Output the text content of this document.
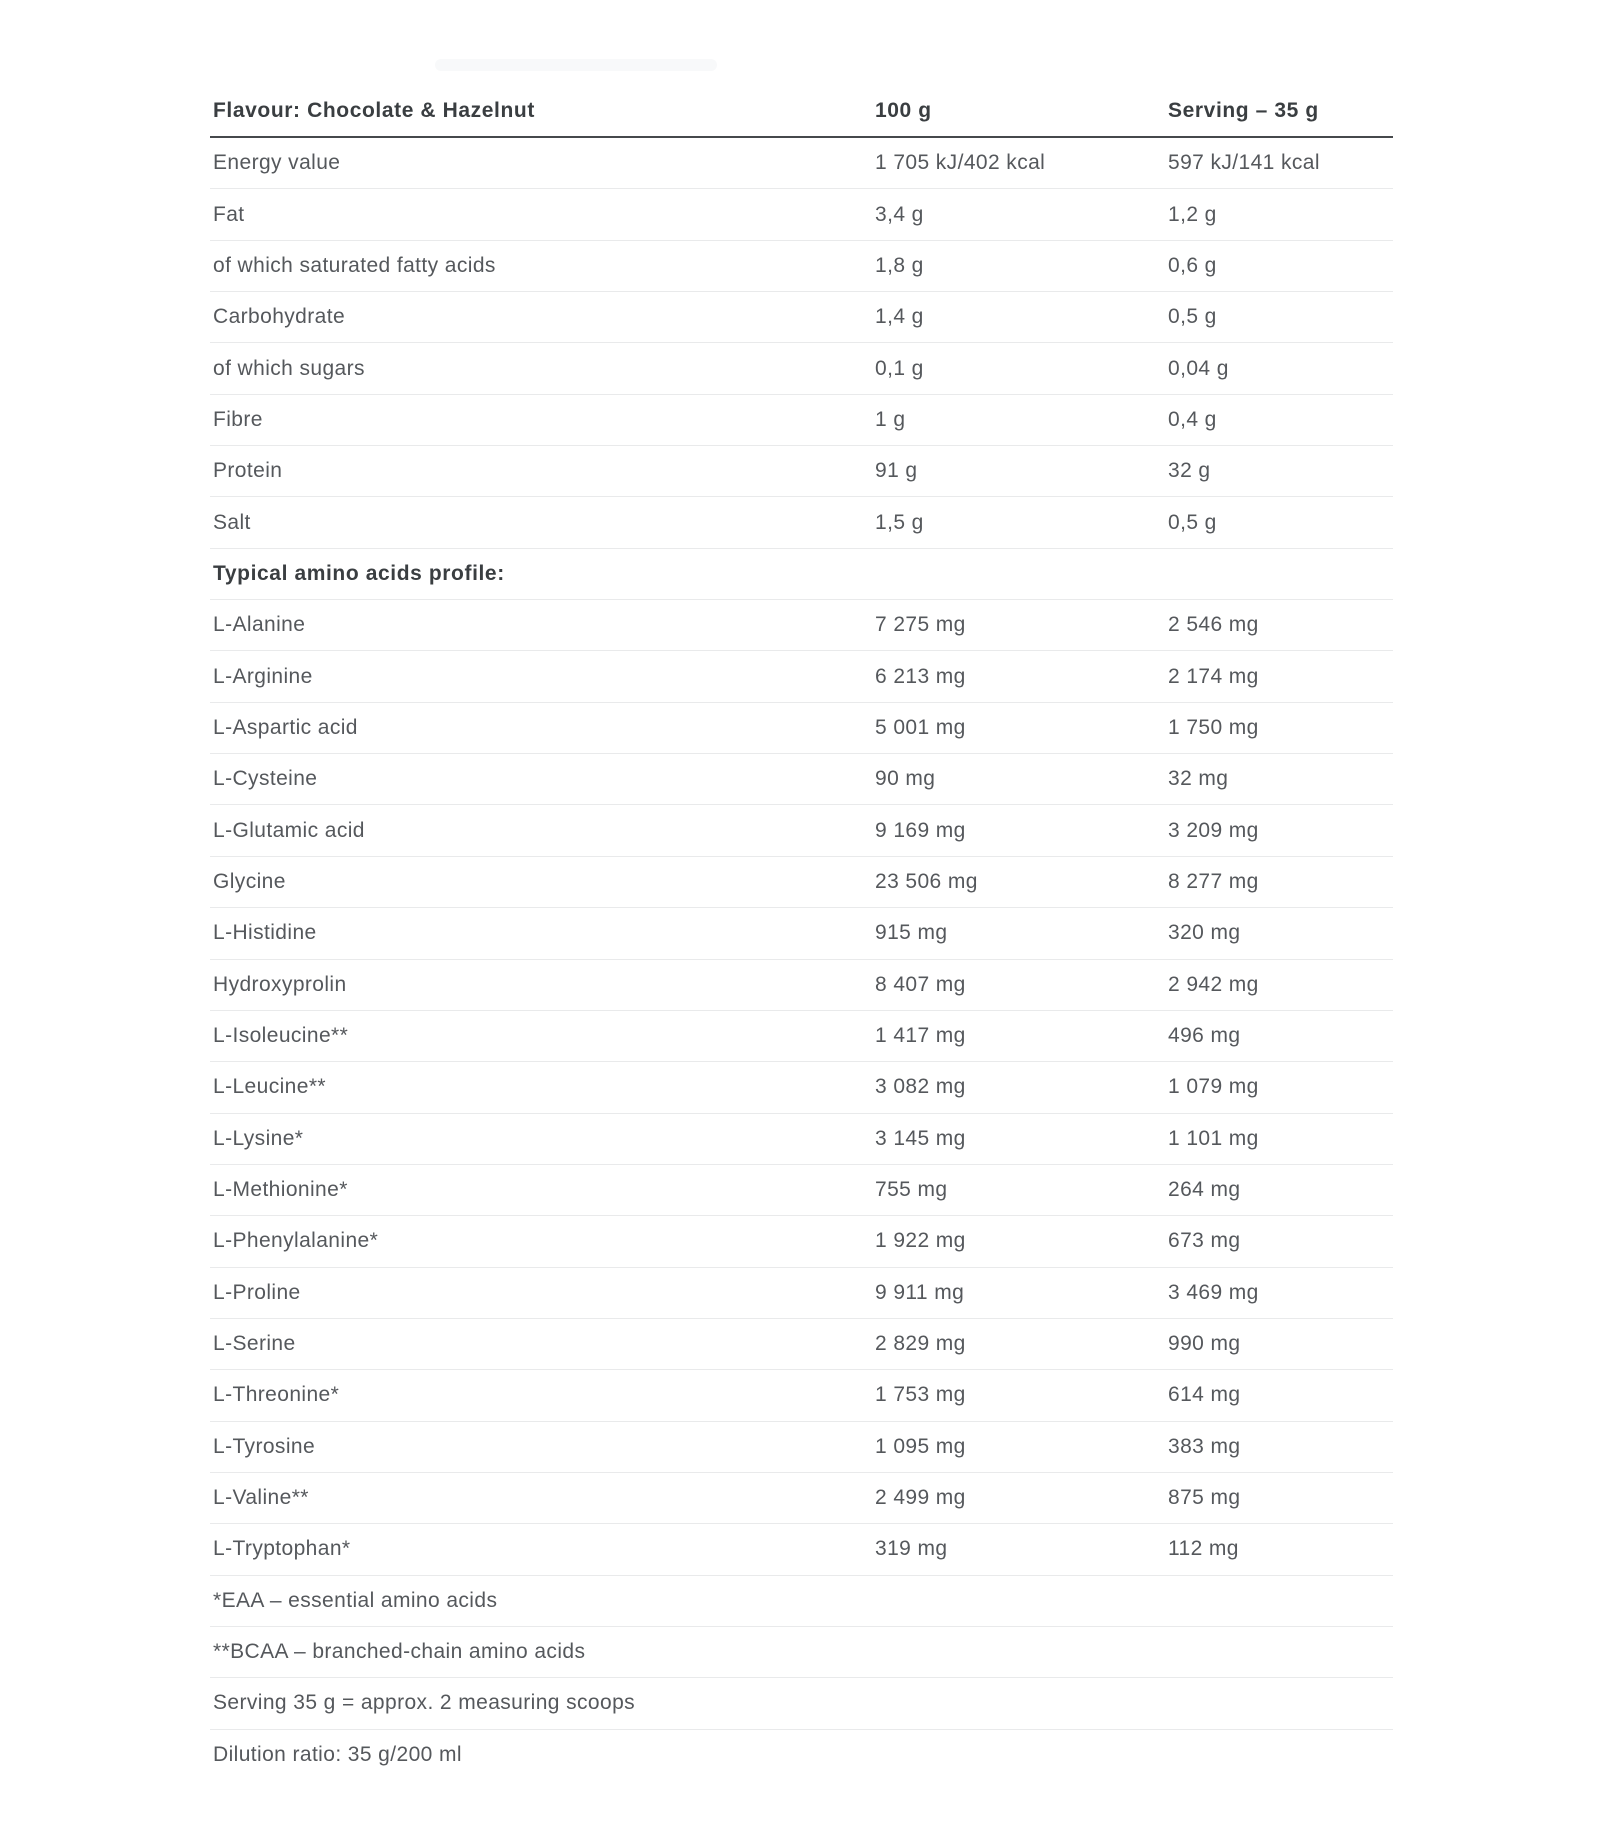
Flavour: Chocolate & Hazelnut	100 g	Serving – 35 g
Energy value	1 705 kJ/402 kcal	597 kJ/141 kcal
Fat	3,4 g	1,2 g
of which saturated fatty acids	1,8 g	0,6 g
Carbohydrate	1,4 g	0,5 g
of which sugars	0,1 g	0,04 g
Fibre	1 g	0,4 g
Protein	91 g	32 g
Salt	1,5 g	0,5 g
Typical amino acids profile:
L-Alanine	7 275 mg	2 546 mg
L-Arginine	6 213 mg	2 174 mg
L-Aspartic acid	5 001 mg	1 750 mg
L-Cysteine	90 mg	32 mg
L-Glutamic acid	9 169 mg	3 209 mg
Glycine	23 506 mg	8 277 mg
L-Histidine	915 mg	320 mg
Hydroxyprolin	8 407 mg	2 942 mg
L-Isoleucine**	1 417 mg	496 mg
L-Leucine**	3 082 mg	1 079 mg
L-Lysine*	3 145 mg	1 101 mg
L-Methionine*	755 mg	264 mg
L-Phenylalanine*	1 922 mg	673 mg
L-Proline	9 911 mg	3 469 mg
L-Serine	2 829 mg	990 mg
L-Threonine*	1 753 mg	614 mg
L-Tyrosine	1 095 mg	383 mg
L-Valine**	2 499 mg	875 mg
L-Tryptophan*	319 mg	112 mg
*EAA – essential amino acids
**BCAA – branched-chain amino acids
Serving 35 g = approx. 2 measuring scoops
Dilution ratio: 35 g/200 ml
